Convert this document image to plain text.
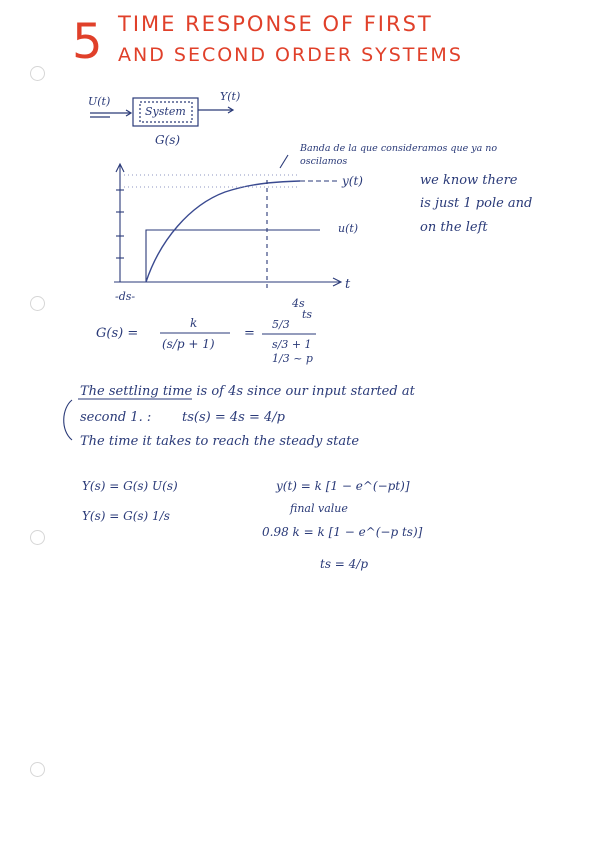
5 TIME RESPONSE OF FIRST
AND SECOND ORDER SYSTEMS
U(t)
System
Y(t)
G(s)
Banda de la que consideramos que ya no oscilamos
y(t)
u(t)
t
-ds-
4s
ts
we know there
is just 1 pole and
on the left
G(s) =
k
(s/p + 1)
=
5/3
s/3 + 1
1/3 ~ p
The settling time is of 4s since our input started at
second 1. : ts(s) = 4s = 4/p
The time it takes to reach the steady state
Y(s) = G(s) U(s)
Y(s) = G(s) 1/s
y(t) = k [1 − e^(−pt)]
final value
0.98 k = k [1 − e^(−p ts)]
ts = 4/p
